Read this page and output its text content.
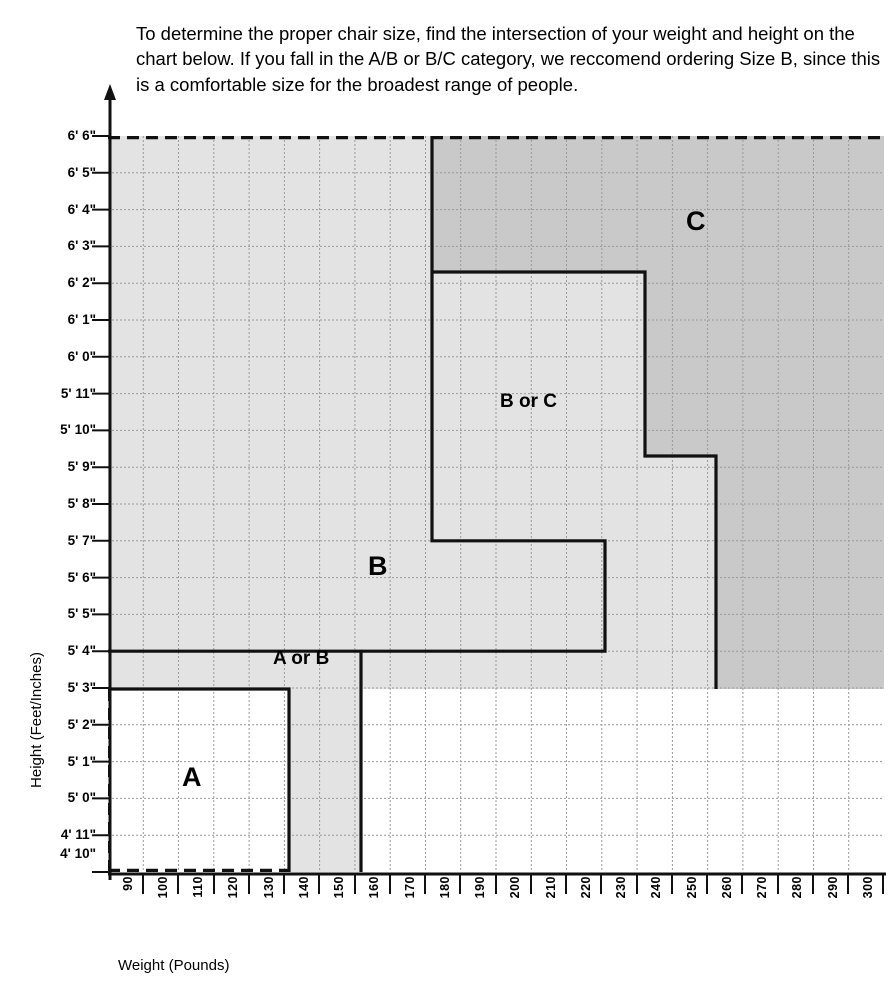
To determine the proper chair size, find the intersection of your weight and height on the chart below. If you fall in the A/B or B/C category, we reccomend ordering Size B, since this is a comfortable size for the broadest range of people.

C
B or C
B
A or B
A
6' 6"
6' 5"
6' 4"
6' 3"
6' 2"
6' 1"
6' 0"
5' 11"
5' 10"
5' 9"
5' 8"
5' 7"
5' 6"
5' 5"
5' 4"
5' 3"
5' 2"
5' 1"
5' 0"
4' 11"
4' 10"
90	100	110	120	130	140	150	160	170	180	190	200	210	220	230	240	250	260	270	280	290	300
Height (Feet/Inches)
Weight (Pounds)
